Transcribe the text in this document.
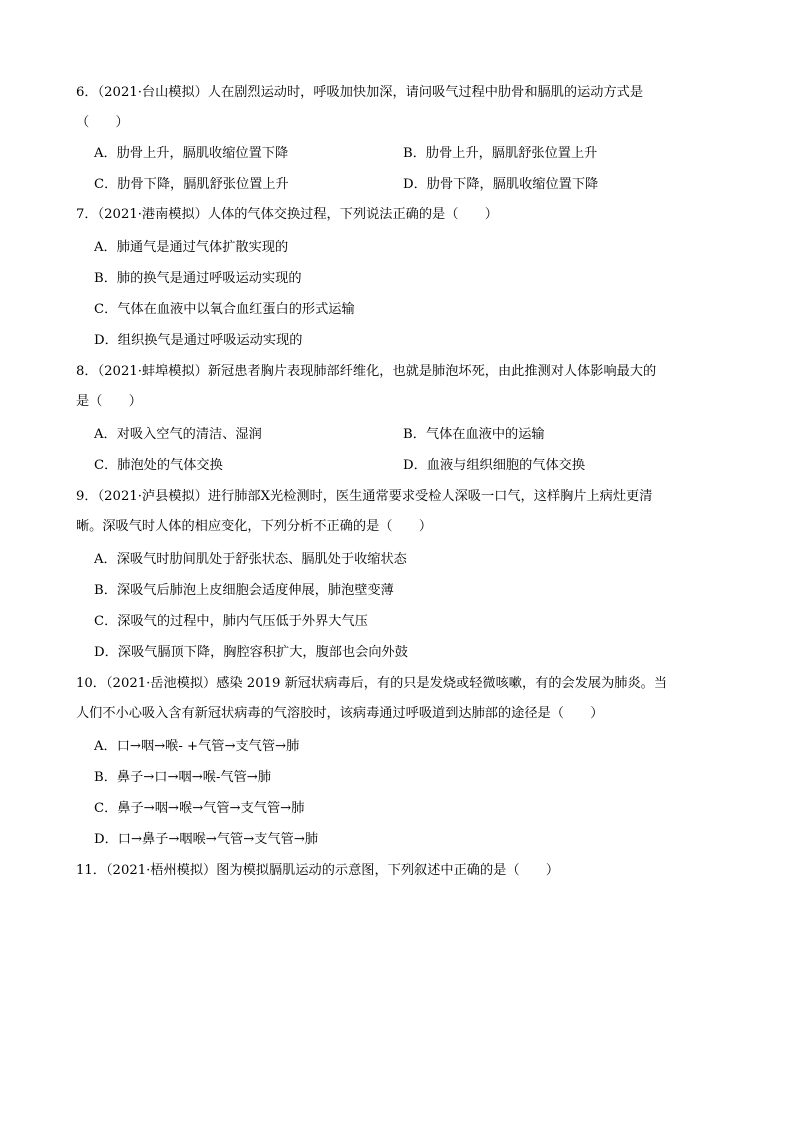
6．（2021·台山模拟）人在剧烈运动时，呼吸加快加深，请问吸气过程中肋骨和膈肌的运动方式是
（　　）
A．肋骨上升，膈肌收缩位置下降	B．肋骨上升，膈肌舒张位置上升
C．肋骨下降，膈肌舒张位置上升	D．肋骨下降，膈肌收缩位置下降
7．（2021·港南模拟）人体的气体交换过程，下列说法正确的是（　　）
A．肺通气是通过气体扩散实现的
B．肺的换气是通过呼吸运动实现的
C．气体在血液中以氧合血红蛋白的形式运输
D．组织换气是通过呼吸运动实现的
8．（2021·蚌埠模拟）新冠患者胸片表现肺部纤维化，也就是肺泡坏死，由此推测对人体影响最大的
是（　　）
A．对吸入空气的清洁、湿润	B．气体在血液中的运输
C．肺泡处的气体交换	D．血液与组织细胞的气体交换
9．（2021·泸县模拟）进行肺部X光检测时，医生通常要求受检人深吸一口气，这样胸片上病灶更清
晰。深吸气时人体的相应变化，下列分析不正确的是（　　）
A．深吸气时肋间肌处于舒张状态、膈肌处于收缩状态
B．深吸气后肺泡上皮细胞会适度伸展，肺泡壁变薄
C．深吸气的过程中，肺内气压低于外界大气压
D．深吸气膈顶下降，胸腔容积扩大，腹部也会向外鼓
10．（2021·岳池模拟）感染 2019 新冠状病毒后，有的只是发烧或轻微咳嗽，有的会发展为肺炎。当
人们不小心吸入含有新冠状病毒的气溶胶时，该病毒通过呼吸道到达肺部的途径是（　　）
A．口→咽→喉- +气管→支气管→肺
B．鼻子→口→咽→喉-气管→肺
C．鼻子→咽→喉→气管→支气管→肺
D．口→鼻子→咽喉→气管→支气管→肺
11．（2021·梧州模拟）图为模拟膈肌运动的示意图，下列叙述中正确的是（　　）
